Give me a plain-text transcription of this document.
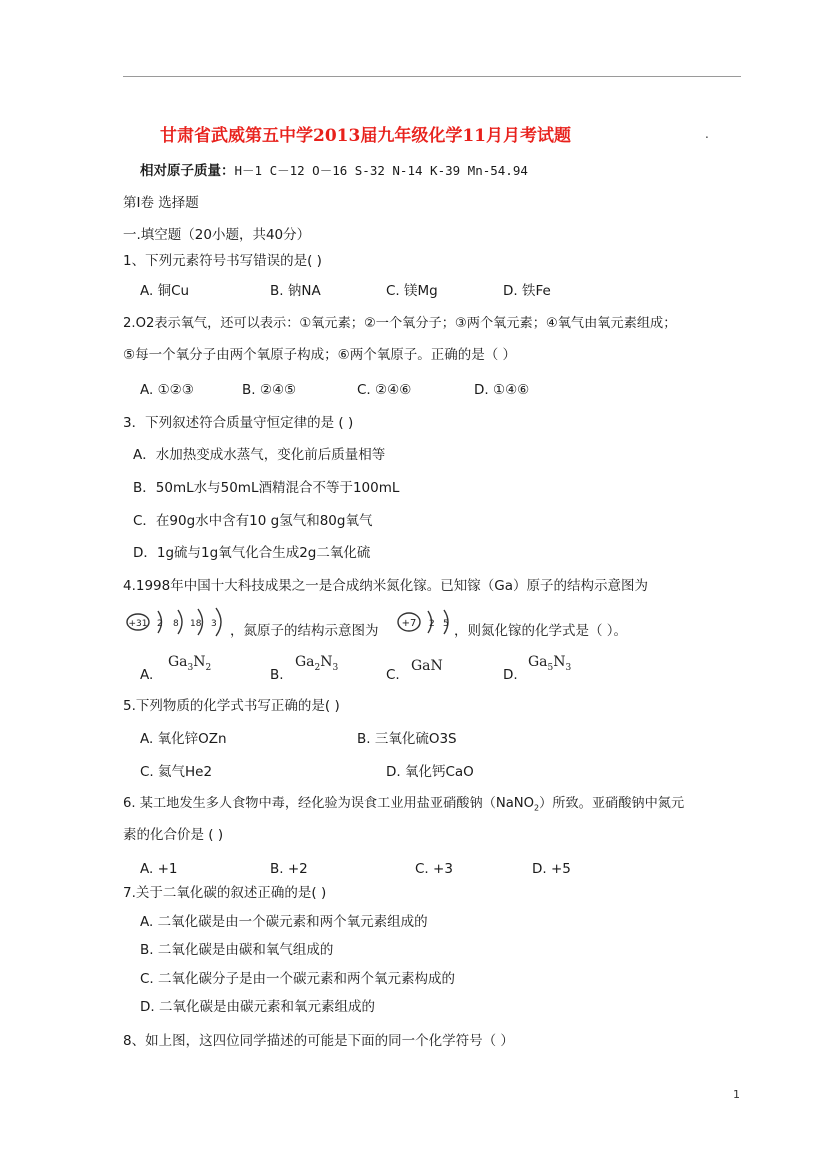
甘肃省武威第五中学2013届九年级化学11月月考试题	.
相对原子质量：H－1 C－12 O－16 S-32 N-14 K-39 Mn-54.94
第Ⅰ卷 选择题
一.填空题（20小题，共40分）
1、下列元素符号书写错误的是( )
A. 铜Cu	B. 钠NA	C. 镁Mg	D. 铁Fe
2.O2表示氧气，还可以表示：①氧元素；②一个氧分子；③两个氧元素；④氧气由氧元素组成；
⑤每一个氧分子由两个氧原子构成；⑥两个氧原子。正确的是（ ）
A. ①②③	B. ②④⑤	C. ②④⑥	D. ①④⑥
3．下列叙述符合质量守恒定律的是 ( )
A．水加热变成水蒸气，变化前后质量相等
B．50mL水与50mL酒精混合不等于100mL
C．在90g水中含有10 g氢气和80g氧气
D．1g硫与1g氧气化合生成2g二氧化硫
4.1998年中国十大科技成果之一是合成纳米氮化镓。已知镓（Ga）原子的结构示意图为
+31 2 8 18 3 ，氮原子的结构示意图为 +7 2 5 ，则氮化镓的化学式是（ ）。
A.
$Ga_3N_2$	B.
$Ga_2N_3$	C.
GaN
D.
$Ga_5N_3$
5.下列物质的化学式书写正确的是( )
A. 氧化锌OZn	B. 三氧化硫O3S
C. 氦气He2	D. 氧化钙CaO
6. 某工地发生多人食物中毒，经化验为误食工业用盐亚硝酸钠（NaNO$_2$）所致。亚硝酸钠中氮元
素的化合价是 ( )
A. +1	B. +2	C. +3	D. +5
7.关于二氧化碳的叙述正确的是( )
A. 二氧化碳是由一个碳元素和两个氧元素组成的
B. 二氧化碳是由碳和氧气组成的
C. 二氧化碳分子是由一个碳元素和两个氧元素构成的
D. 二氧化碳是由碳元素和氧元素组成的
8、如上图，这四位同学描述的可能是下面的同一个化学符号（ ）
1
